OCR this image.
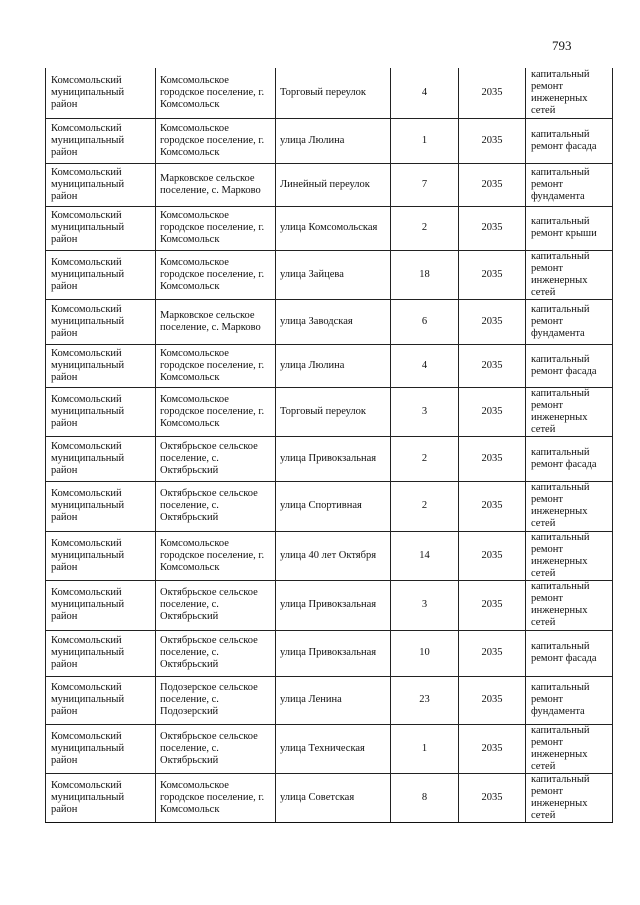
793
Комсомольский муниципальный район	Комсомольское городское поселение, г. Комсомольск	Торговый переулок	4	2035	капитальный ремонт инженерных сетей
Комсомольский муниципальный район	Комсомольское городское поселение, г. Комсомольск	улица Люлина	1	2035	капитальный ремонт фасада
Комсомольский муниципальный район	Марковское сельское поселение, с. Марково	Линейный переулок	7	2035	капитальный ремонт фундамента
Комсомольский муниципальный район	Комсомольское городское поселение, г. Комсомольск	улица Комсомольская	2	2035	капитальный ремонт крыши
Комсомольский муниципальный район	Комсомольское городское поселение, г. Комсомольск	улица Зайцева	18	2035	капитальный ремонт инженерных сетей
Комсомольский муниципальный район	Марковское сельское поселение, с. Марково	улица Заводская	6	2035	капитальный ремонт фундамента
Комсомольский муниципальный район	Комсомольское городское поселение, г. Комсомольск	улица Люлина	4	2035	капитальный ремонт фасада
Комсомольский муниципальный район	Комсомольское городское поселение, г. Комсомольск	Торговый переулок	3	2035	капитальный ремонт инженерных сетей
Комсомольский муниципальный район	Октябрьское сельское поселение, с. Октябрьский	улица Привокзальная	2	2035	капитальный ремонт фасада
Комсомольский муниципальный район	Октябрьское сельское поселение, с. Октябрьский	улица Спортивная	2	2035	капитальный ремонт инженерных сетей
Комсомольский муниципальный район	Комсомольское городское поселение, г. Комсомольск	улица 40 лет Октября	14	2035	капитальный ремонт инженерных сетей
Комсомольский муниципальный район	Октябрьское сельское поселение, с. Октябрьский	улица Привокзальная	3	2035	капитальный ремонт инженерных сетей
Комсомольский муниципальный район	Октябрьское сельское поселение, с. Октябрьский	улица Привокзальная	10	2035	капитальный ремонт фасада
Комсомольский муниципальный район	Подозерское сельское поселение, с. Подозерский	улица Ленина	23	2035	капитальный ремонт фундамента
Комсомольский муниципальный район	Октябрьское сельское поселение, с. Октябрьский	улица Техническая	1	2035	капитальный ремонт инженерных сетей
Комсомольский муниципальный район	Комсомольское городское поселение, г. Комсомольск	улица Советская	8	2035	капитальный ремонт инженерных сетей
